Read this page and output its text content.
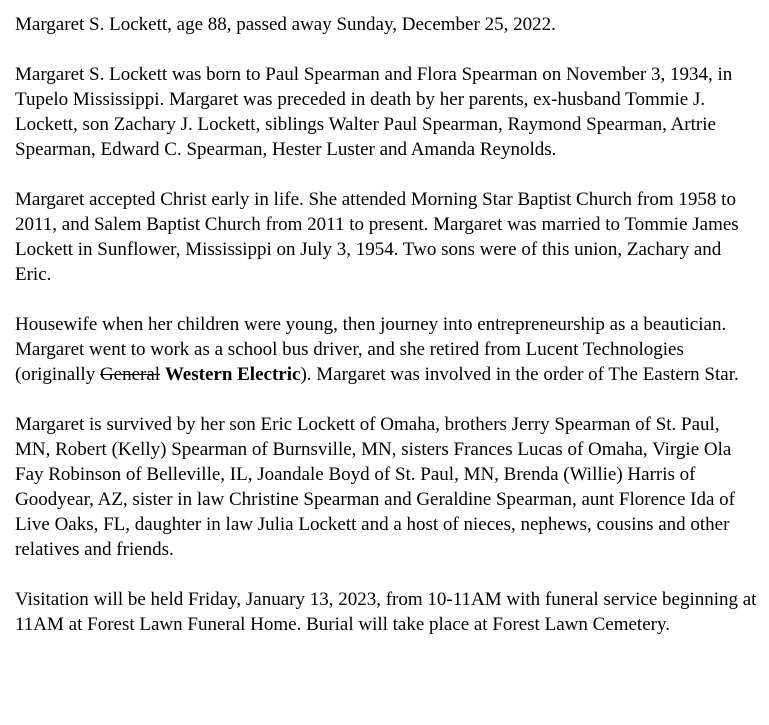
Margaret S. Lockett, age 88, passed away Sunday, December 25, 2022.

Margaret S. Lockett was born to Paul Spearman and Flora Spearman on November 3, 1934, in Tupelo Mississippi. Margaret was preceded in death by her parents, ex-husband Tommie J. Lockett, son Zachary J. Lockett, siblings Walter Paul Spearman, Raymond Spearman, Artrie Spearman, Edward C. Spearman, Hester Luster and Amanda Reynolds.

Margaret accepted Christ early in life. She attended Morning Star Baptist Church from 1958 to 2011, and Salem Baptist Church from 2011 to present. Margaret was married to Tommie James Lockett in Sunflower, Mississippi on July 3, 1954. Two sons were of this union, Zachary and Eric.

Housewife when her children were young, then journey into entrepreneurship as a beautician. Margaret went to work as a school bus driver, and she retired from Lucent Technologies (originally General Western Electric). Margaret was involved in the order of The Eastern Star.

Margaret is survived by her son Eric Lockett of Omaha, brothers Jerry Spearman of St. Paul, MN, Robert (Kelly) Spearman of Burnsville, MN, sisters Frances Lucas of Omaha, Virgie Ola Fay Robinson of Belleville, IL, Joandale Boyd of St. Paul, MN, Brenda (Willie) Harris of Goodyear, AZ, sister in law Christine Spearman and Geraldine Spearman, aunt Florence Ida of Live Oaks, FL, daughter in law Julia Lockett and a host of nieces, nephews, cousins and other relatives and friends.

Visitation will be held Friday, January 13, 2023, from 10-11AM with funeral service beginning at 11AM at Forest Lawn Funeral Home. Burial will take place at Forest Lawn Cemetery.
